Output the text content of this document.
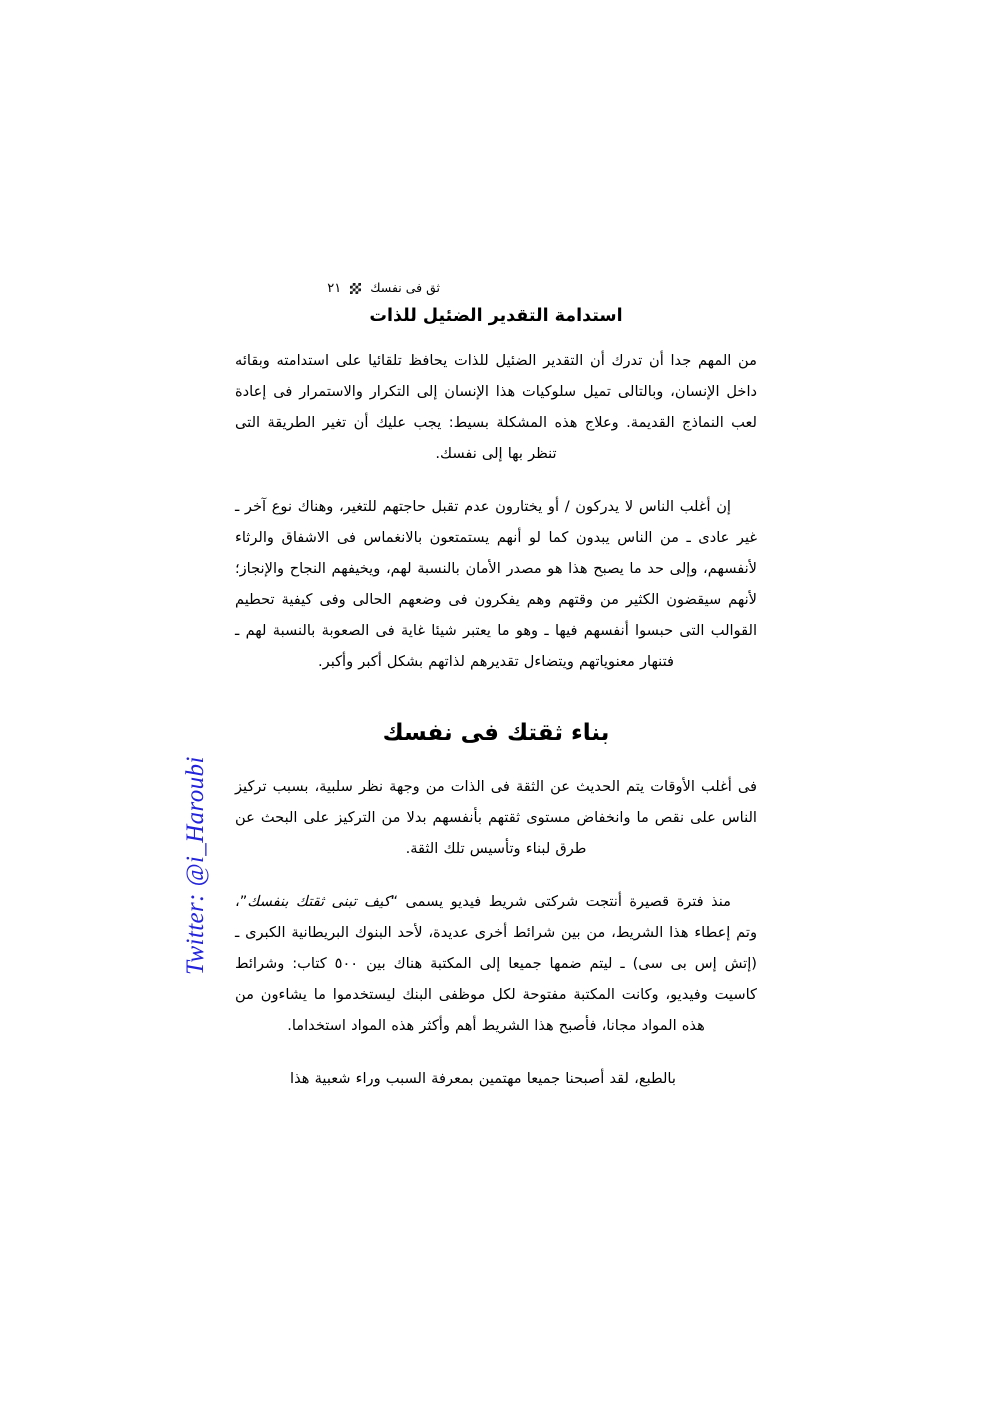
ثق فى نفسك
٢١
استدامة التقدير الضئيل للذات

من المهم جدا أن تدرك أن التقدير الضئيل للذات يحافظ تلقائيا على استدامته وبقائه داخل الإنسان، وبالتالى تميل سلوكيات هذا الإنسان إلى التكرار والاستمرار فى إعادة لعب النماذج القديمة. وعلاج هذه المشكلة بسيط: يجب عليك أن تغير الطريقة التى تنظر بها إلى نفسك.

إن أغلب الناس لا يدركون / أو يختارون عدم تقبل حاجتهم للتغير، وهناك نوع آخر ـ غير عادى ـ من الناس يبدون كما لو أنهم يستمتعون بالانغماس فى الاشفاق والرثاء لأنفسهم، وإلى حد ما يصبح هذا هو مصدر الأمان بالنسبة لهم، ويخيفهم النجاح والإنجاز؛ لأنهم سيقضون الكثير من وقتهم وهم يفكرون فى وضعهم الحالى وفى كيفية تحطيم القوالب التى حبسوا أنفسهم فيها ـ وهو ما يعتبر شيئا غاية فى الصعوبة بالنسبة لهم ـ فتنهار معنوياتهم ويتضاءل تقديرهم لذاتهم بشكل أكبر وأكبر.

بناء ثقتك فى نفسك

فى أغلب الأوقات يتم الحديث عن الثقة فى الذات من وجهة نظر سلبية، بسبب تركيز الناس على نقص ما وانخفاض مستوى ثقتهم بأنفسهم بدلا من التركيز على البحث عن طرق لبناء وتأسيس تلك الثقة.

منذ فترة قصيرة أنتجت شركتى شريط فيديو يسمى “كيف تبنى ثقتك بنفسك”، وتم إعطاء هذا الشريط، من بين شرائط أخرى عديدة، لأحد البنوك البريطانية الكبرى ـ (إتش إس بى سى) ـ ليتم ضمها جميعا إلى المكتبة هناك بين ٥٠٠ كتاب: وشرائط كاسيت وفيديو، وكانت المكتبة مفتوحة لكل موظفى البنك ليستخدموا ما يشاءون من هذه المواد مجانا، فأصبح هذا الشريط أهم وأكثر هذه المواد استخداما.

بالطبع، لقد أصبحنا جميعا مهتمين بمعرفة السبب وراء شعبية هذا

Twitter: @i_Haroubi
